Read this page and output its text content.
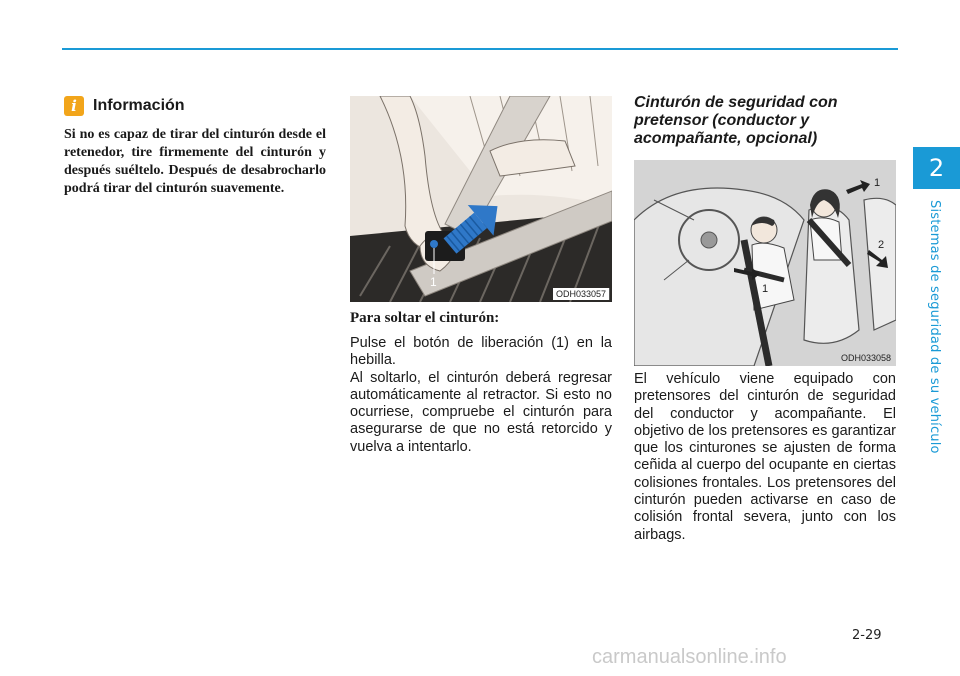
2
Sistemas de seguridad de su vehículo
i	Información

Si no es capaz de tirar del cinturón desde el retenedor, tire firmemente del cinturón y después suéltelo. Después de desabrocharlo podrá tirar del cinturón suavemente.

1
ODH033057

Para soltar el cinturón:

Pulse el botón de liberación (1) en la hebilla.

Al soltarlo, el cinturón deberá regresar automáticamente al retractor. Si esto no ocurriese, compruebe el cinturón para asegurarse de que no está retorcido y vuelva a intentarlo.

Cinturón de seguridad con pretensor (conductor y acompañante, opcional)

1
2
1
ODH033058

El vehículo viene equipado con pretensores del cinturón de seguridad del conductor y acompañante. El objetivo de los pretensores es garantizar que los cinturones se ajusten de forma ceñida al cuerpo del ocupante en ciertas colisiones frontales. Los pretensores del cinturón pueden activarse en caso de colisión frontal severa, junto con los airbags.

2-29
carmanualsonline.info
